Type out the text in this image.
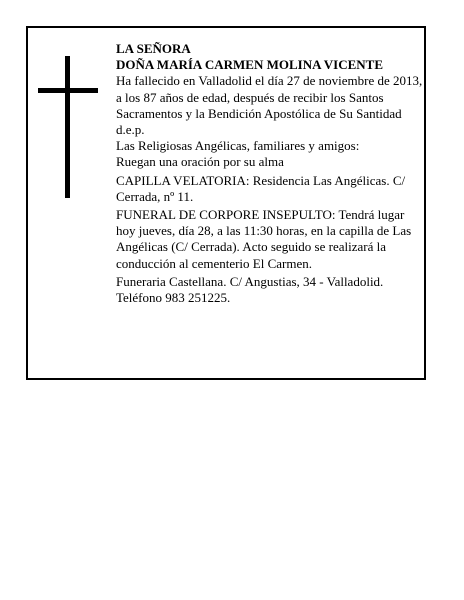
LA SEÑORA

DOÑA MARÍA CARMEN MOLINA VICENTE

Ha fallecido en Valladolid el día 27 de noviembre de 2013, a los 87 años de edad, después de recibir los Santos Sacramentos y la Bendición Apostólica de Su Santidad

d.e.p.

Las Religiosas Angélicas, familiares y amigos:

Ruegan una oración por su alma

CAPILLA VELATORIA: Residencia Las Angélicas. C/ Cerrada, nº 11.

FUNERAL DE CORPORE INSEPULTO: Tendrá lugar hoy jueves, día 28, a las 11:30 horas, en la capilla de Las Angélicas (C/ Cerrada). Acto seguido se realizará la conducción al cementerio El Carmen.

Funeraria Castellana. C/ Angustias, 34 - Valladolid. Teléfono 983 251225.
